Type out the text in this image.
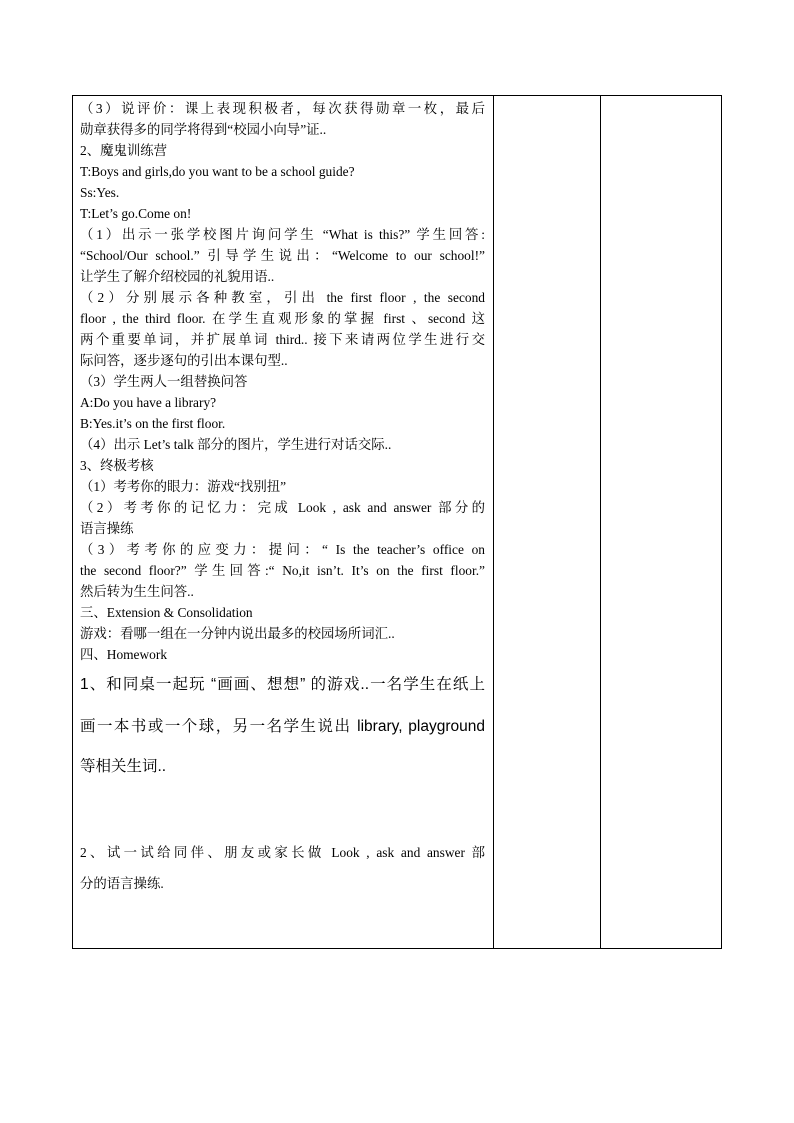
（3）说评价：课上表现积极者，每次获得勋章一枚，最后
勋章获得多的同学将得到“校园小向导”证..
2、魔鬼训练营
T:Boys and girls,do you want to be a school guide?
Ss:Yes.
T:Let’s go.Come on!
（1）出示一张学校图片询问学生 “What is this?” 学生回答:
“School/Our school.” 引导学生说出：“Welcome to our school!”
让学生了解介绍校园的礼貌用语..
（2）分别展示各种教室，引出 the first floor , the second
floor , the third floor. 在学生直观形象的掌握 first 、second 这
两个重要单词，并扩展单词 third.. 接下来请两位学生进行交
际问答，逐步逐句的引出本课句型..
（3）学生两人一组替换问答
A:Do you have a library?
B:Yes.it’s on the first floor.
（4）出示 Let’s talk 部分的图片，学生进行对话交际..
3、终极考核
（1）考考你的眼力：游戏“找别扭”
（2）考考你的记忆力：完成 Look , ask and answer 部分的
语言操练
（3）考考你的应变力：提问：“ Is the teacher’s office on
the second floor?” 学生回答:“ No,it isn’t. It’s on the first floor.”
然后转为生生问答..
三、Extension & Consolidation
游戏：看哪一组在一分钟内说出最多的校园场所词汇..
四、Homework
1、和同桌一起玩 “画画、想想” 的游戏..一名学生在纸上
画一本书或一个球，另一名学生说出 library, playground
等相关生词..
2、试一试给同伴、朋友或家长做 Look , ask and answer 部
分的语言操练.
